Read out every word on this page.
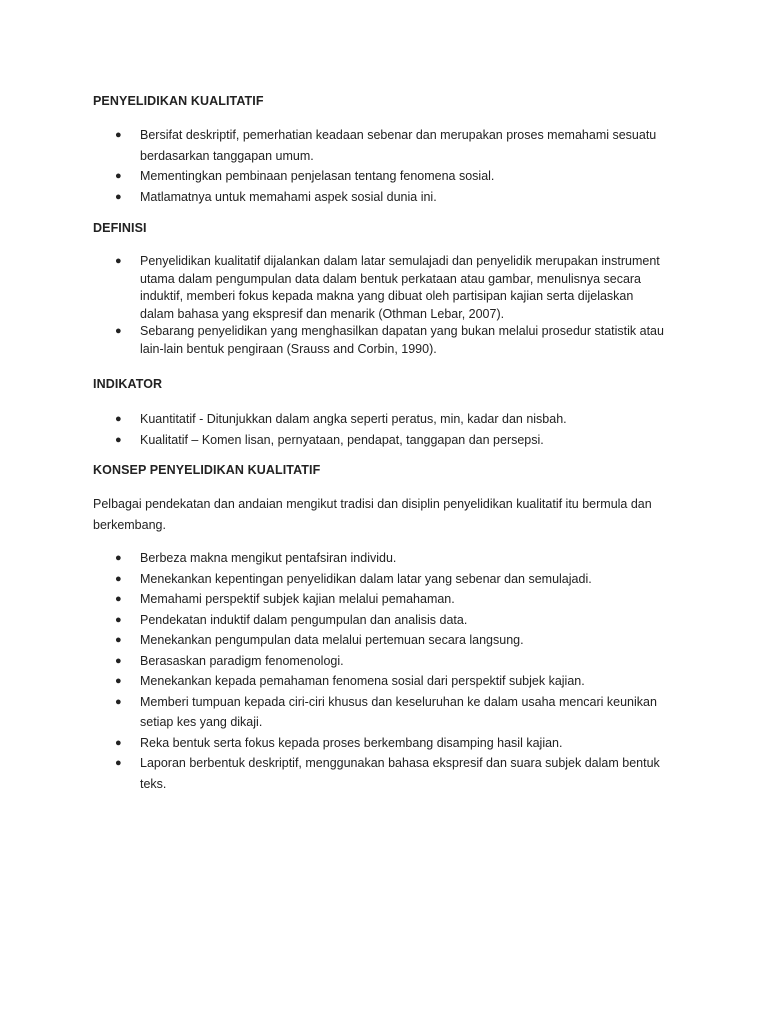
PENYELIDIKAN KUALITATIF
● Bersifat deskriptif, pemerhatian keadaan sebenar dan merupakan proses memahami sesuatu berdasarkan tanggapan umum.
● Mementingkan pembinaan penjelasan tentang fenomena sosial.
● Matlamatnya untuk memahami aspek sosial dunia ini.
DEFINISI
● Penyelidikan kualitatif dijalankan dalam latar semulajadi dan penyelidik merupakan instrument utama dalam pengumpulan data dalam bentuk perkataan atau gambar, menulisnya secara induktif, memberi fokus kepada makna yang dibuat oleh partisipan kajian serta dijelaskan dalam bahasa yang ekspresif dan menarik (Othman Lebar, 2007).
● Sebarang penyelidikan yang menghasilkan dapatan yang bukan melalui prosedur statistik atau lain-lain bentuk pengiraan (Srauss and Corbin, 1990).
INDIKATOR
● Kuantitatif - Ditunjukkan dalam angka seperti peratus, min, kadar dan nisbah.
● Kualitatif – Komen lisan, pernyataan, pendapat, tanggapan dan persepsi.
KONSEP PENYELIDIKAN KUALITATIF

Pelbagai pendekatan dan andaian mengikut tradisi dan disiplin penyelidikan kualitatif itu bermula dan berkembang.

● Berbeza makna mengikut pentafsiran individu.
● Menekankan kepentingan penyelidikan dalam latar yang sebenar dan semulajadi.
● Memahami perspektif subjek kajian melalui pemahaman.
● Pendekatan induktif dalam pengumpulan dan analisis data.
● Menekankan pengumpulan data melalui pertemuan secara langsung.
● Berasaskan paradigm fenomenologi.
● Menekankan kepada pemahaman fenomena sosial dari perspektif subjek kajian.
● Memberi tumpuan kepada ciri-ciri khusus dan keseluruhan ke dalam usaha mencari keunikan setiap kes yang dikaji.
● Reka bentuk serta fokus kepada proses berkembang disamping hasil kajian.
● Laporan berbentuk deskriptif, menggunakan bahasa ekspresif dan suara subjek dalam bentuk teks.
